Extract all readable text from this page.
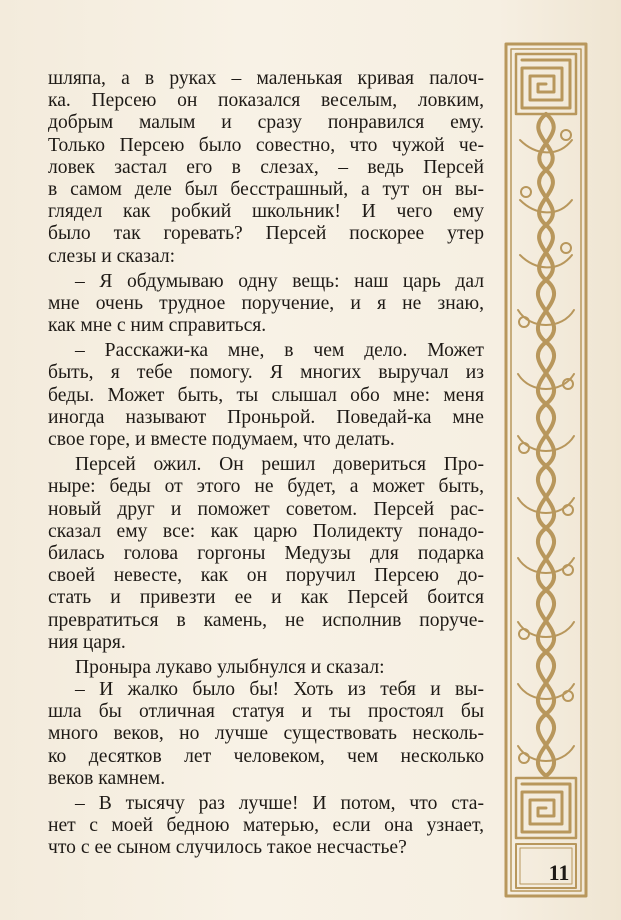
шляпа, а в руках – маленькая кривая палоч-
ка. Персею он показался веселым, ловким,
добрым малым и сразу понравился ему.
Только Персею было совестно, что чужой че-
ловек застал его в слезах, – ведь Персей
в самом деле был бесстрашный, а тут он вы-
глядел как робкий школьник! И чего ему
было так горевать? Персей поскорее утер
слезы и сказал:
– Я обдумываю одну вещь: наш царь дал
мне очень трудное поручение, и я не знаю,
как мне с ним справиться.
– Расскажи-ка мне, в чем дело. Может
быть, я тебе помогу. Я многих выручал из
беды. Может быть, ты слышал обо мне: меня
иногда называют Проньрой. Поведай-ка мне
свое горе, и вместе подумаем, что делать.
Персей ожил. Он решил довериться Про-
ныре: беды от этого не будет, а может быть,
новый друг и поможет советом. Персей рас-
сказал ему все: как царю Полидекту понадо-
билась голова горгоны Медузы для подарка
своей невесте, как он поручил Персею до-
стать и привезти ее и как Персей боится
превратиться в камень, не исполнив поруче-
ния царя.
Проныра лукаво улыбнулся и сказал:
– И жалко было бы! Хоть из тебя и вы-
шла бы отличная статуя и ты простоял бы
много веков, но лучше существовать несколь-
ко десятков лет человеком, чем несколько
веков камнем.
– В тысячу раз лучше! И потом, что ста-
нет с моей бедною матерью, если она узнает,
что с ее сыном случилось такое несчастье?
11
